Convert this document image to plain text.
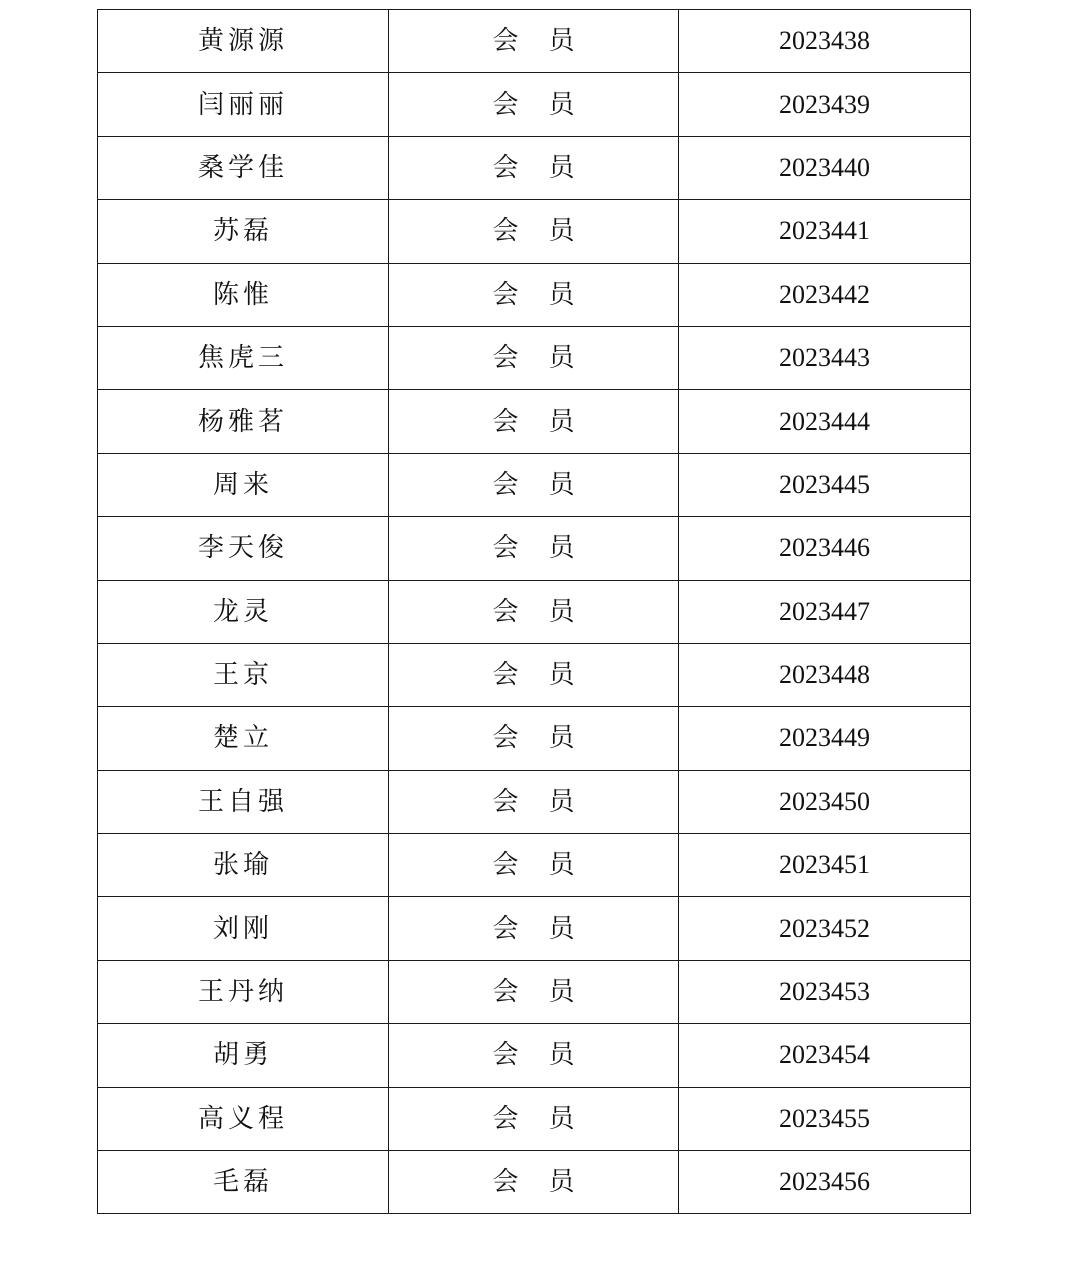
黄源源	会员	2023438
闫丽丽	会员	2023439
桑学佳	会员	2023440
苏磊	会员	2023441
陈惟	会员	2023442
焦虎三	会员	2023443
杨雅茗	会员	2023444
周来	会员	2023445
李天俊	会员	2023446
龙灵	会员	2023447
王京	会员	2023448
楚立	会员	2023449
王自强	会员	2023450
张瑜	会员	2023451
刘刚	会员	2023452
王丹纳	会员	2023453
胡勇	会员	2023454
高义程	会员	2023455
毛磊	会员	2023456
